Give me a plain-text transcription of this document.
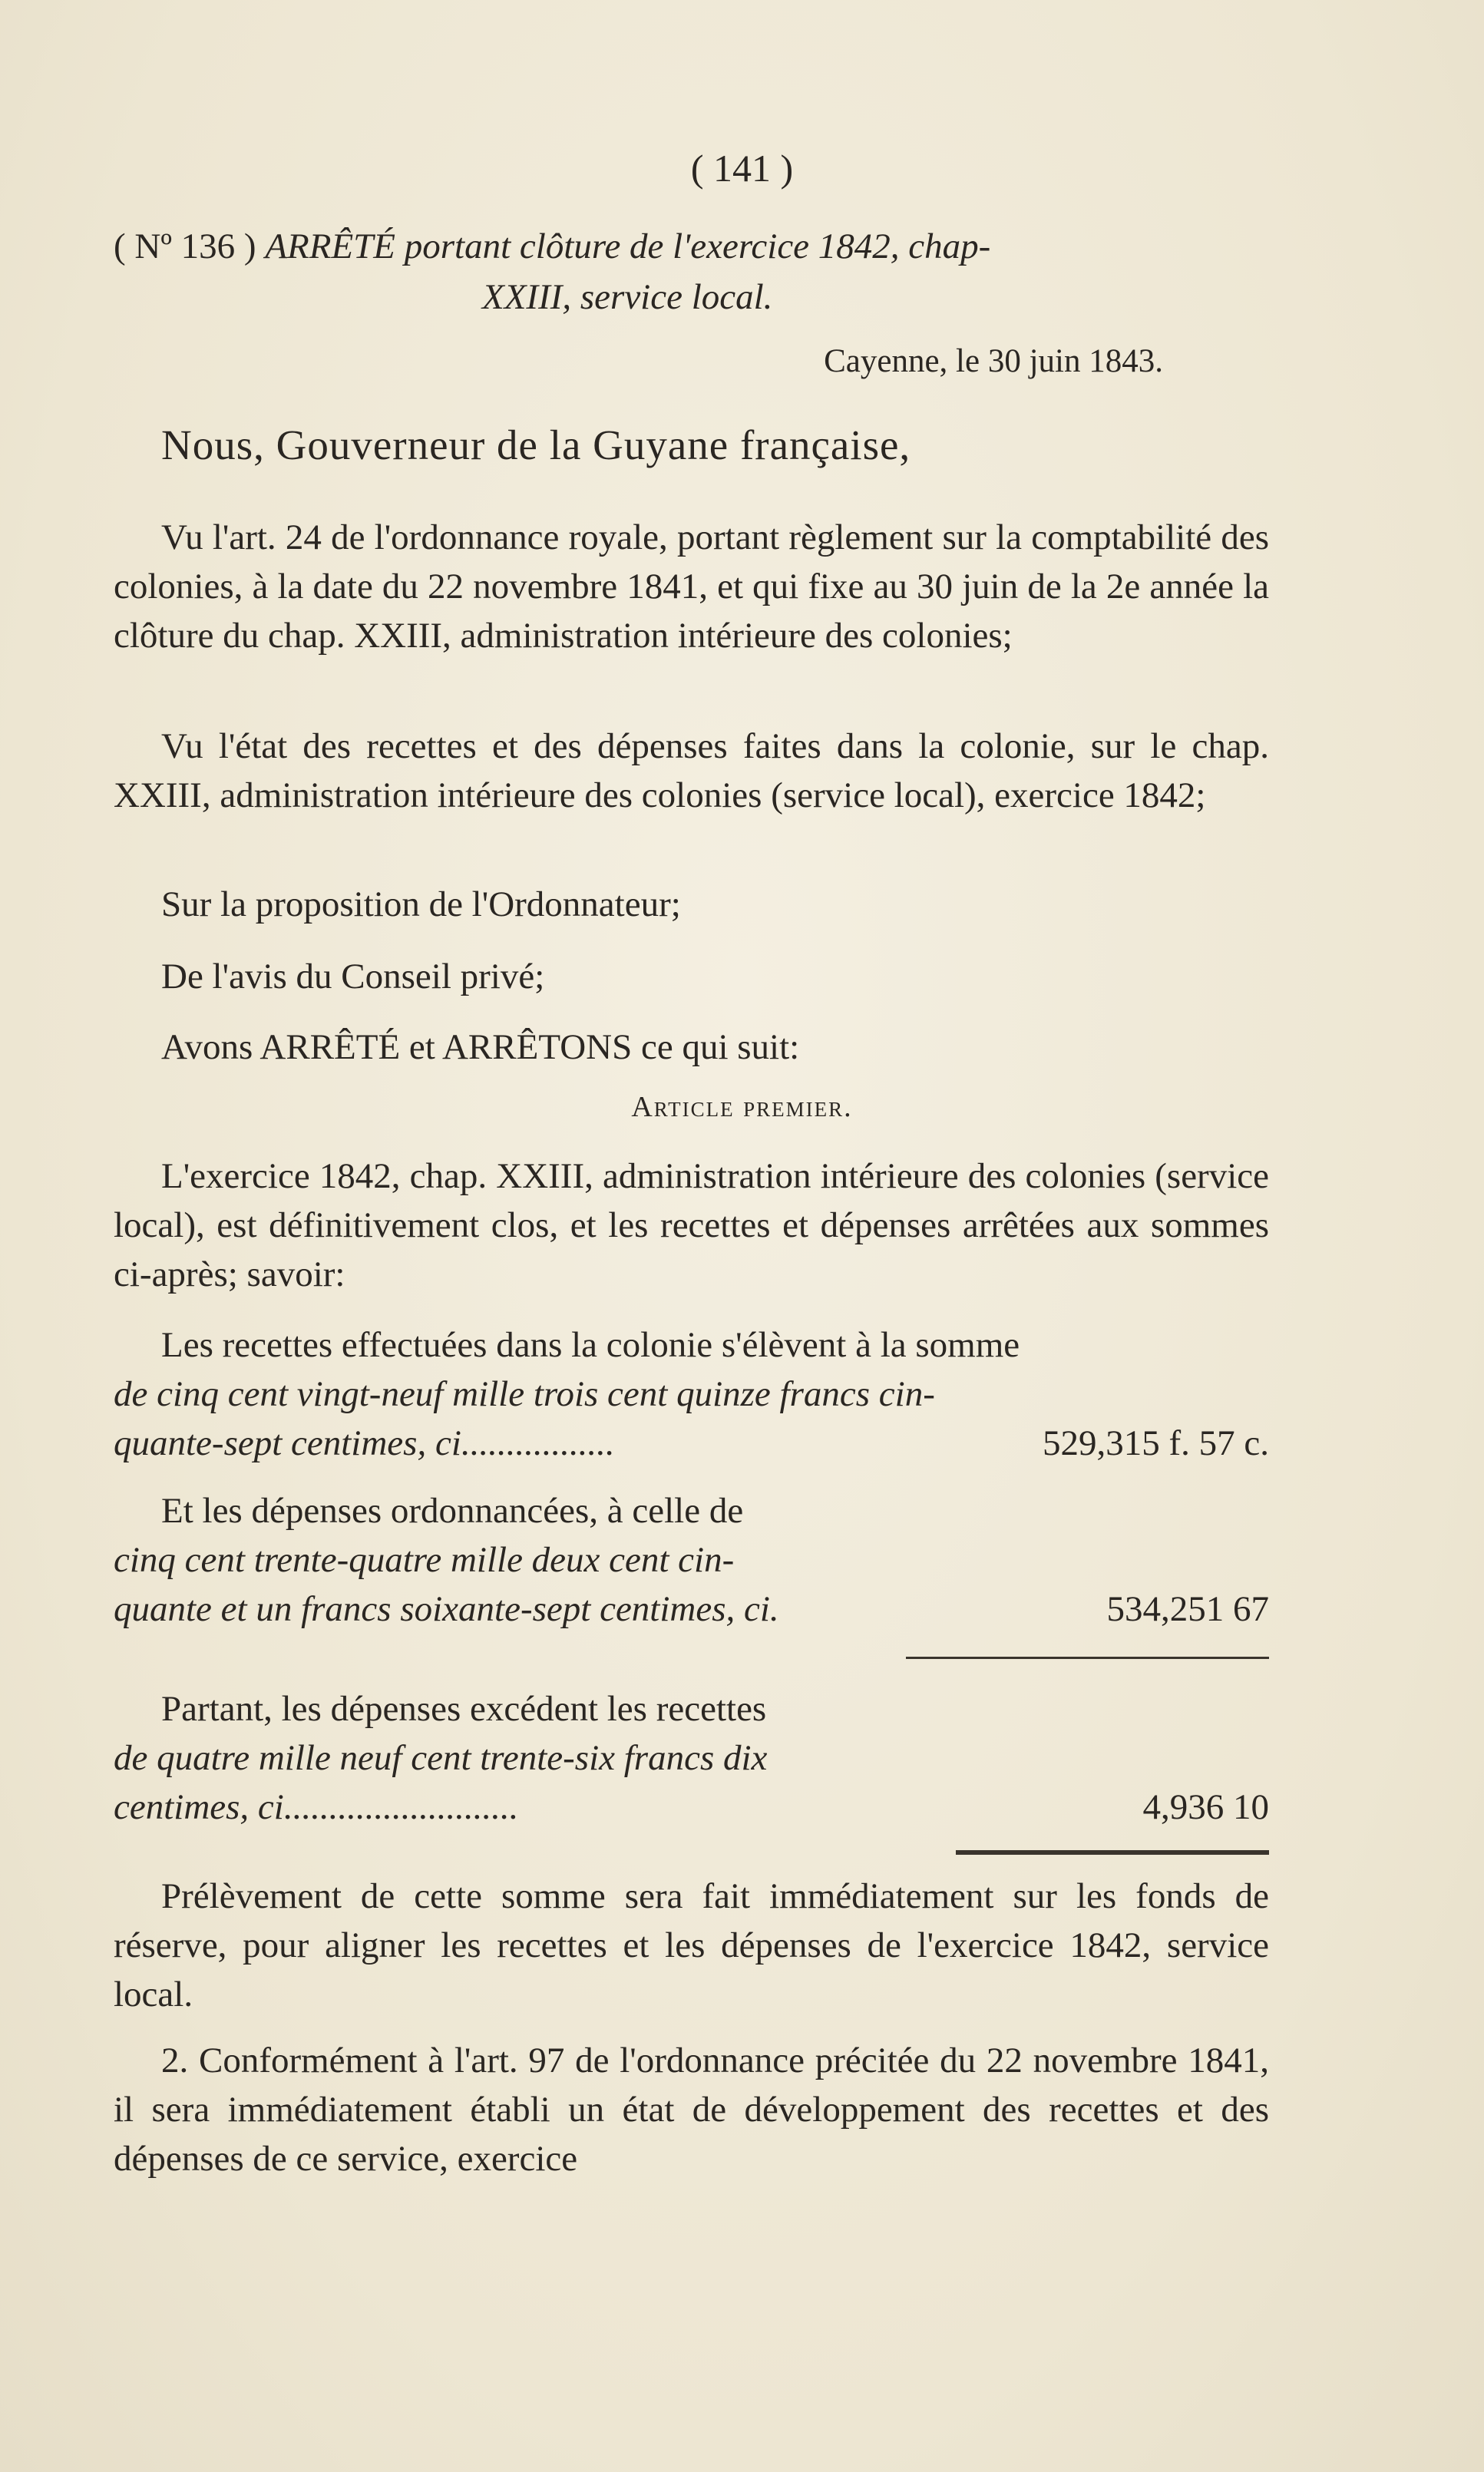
( 141 )
( Nº 136 ) ARRÊTÉ portant clôture de l'exercice 1842, chap-
XXIII, service local.
Cayenne, le 30 juin 1843.
Nous, Gouverneur de la Guyane française,

Vu l'art. 24 de l'ordonnance royale, portant règlement sur la comptabilité des colonies, à la date du 22 novembre 1841, et qui fixe au 30 juin de la 2e année la clôture du chap. XXIII, administration intérieure des colonies;

Vu l'état des recettes et des dépenses faites dans la colonie, sur le chap. XXIII, administration intérieure des colonies (service local), exercice 1842;

Sur la proposition de l'Ordonnateur;

De l'avis du Conseil privé;

Avons ARRÊTÉ et ARRÊTONS ce qui suit:

Article premier.

L'exercice 1842, chap. XXIII, administration intérieure des colonies (service local), est définitivement clos, et les recettes et dépenses arrêtées aux sommes ci-après; savoir:

Les recettes effectuées dans la colonie s'élèvent à la somme
de cinq cent vingt-neuf mille trois cent quinze francs cin-
quante-sept centimes, ci.................	529,315 f. 57 c.
Et les dépenses ordonnancées, à celle de
cinq cent trente-quatre mille deux cent cin-
quante et un francs soixante-sept centimes, ci.	534,251 67
Partant, les dépenses excédent les recettes
de quatre mille neuf cent trente-six francs dix
centimes, ci..........................	4,936 10

Prélèvement de cette somme sera fait immédiatement sur les fonds de réserve, pour aligner les recettes et les dépenses de l'exercice 1842, service local.

2. Conformément à l'art. 97 de l'ordonnance précitée du 22 novembre 1841, il sera immédiatement établi un état de développement des recettes et des dépenses de ce service, exercice
